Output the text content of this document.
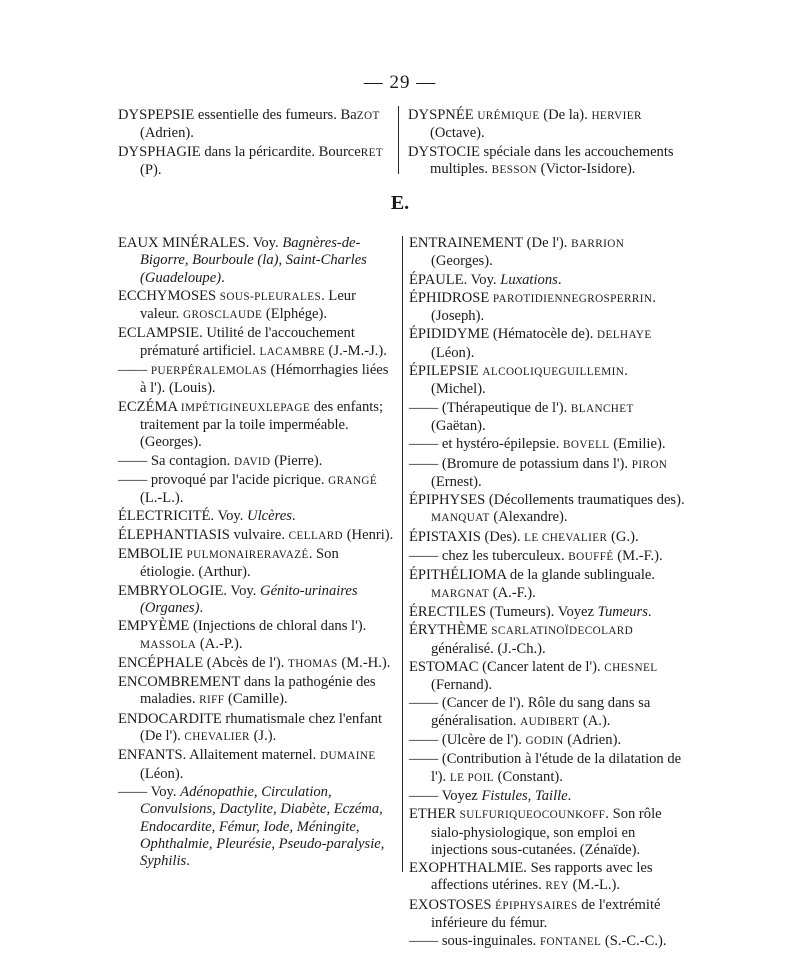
— 29 —
DYSPEPSIE essentielle des fumeurs. BaZOT (Adrien).
DYSPHAGIE dans la péricardite. BourceRET (P).
DYSPNÉE URÉMIQUE (De la). HERVIER (Octave).
DYSTOCIE spéciale dans les accouchements multiples. BESSON (Victor-Isidore).
E.
EAUX MINÉRALES. Voy. Bagnères-de-Bigorre, Bourboule (la), Saint-Charles (Guadeloupe).
ECCHYMOSES SOUS-PLEURALES. Leur valeur. GROSCLAUDE (Elphége).
ECLAMPSIE. Utilité de l'accouchement prématuré artificiel. LACAMBRE (J.-M.-J.).
—— PUERPÉRALEMOLAS (Hémorrhagies liées à l'). (Louis).
ECZÉMA IMPÉTIGINEUXLEPAGE des enfants; traitement par la toile imperméable. (Georges).
—— Sa contagion. DAVID (Pierre).
—— provoqué par l'acide picrique. GRANGÉ (L.-L.).
ÉLECTRICITÉ. Voy. Ulcères.
ÉLEPHANTIASIS vulvaire. CELLARD (Henri).
EMBOLIE PULMONAIRERAVAZÉ. Son étiologie. (Arthur).
EMBRYOLOGIE. Voy. Génito-urinaires (Organes).
EMPYÈME (Injections de chloral dans l'). MASSOLA (A.-P.).
ENCÉPHALE (Abcès de l'). THOMAS (M.-H.).
ENCOMBREMENT dans la pathogénie des maladies. RIFF (Camille).
ENDOCARDITE rhumatismale chez l'enfant (De l'). CHEVALIER (J.).
ENFANTS. Allaitement maternel. DUMAINE (Léon).
—— Voy. Adénopathie, Circulation, Convulsions, Dactylite, Diabète, Eczéma, Endocardite, Fémur, Iode, Méningite, Ophthalmie, Pleurésie, Pseudo-paralysie, Syphilis.
ENTRAINEMENT (De l'). BARRION (Georges).
ÉPAULE. Voy. Luxations.
ÉPHIDROSE PAROTIDIENNEGROSPERRIN. (Joseph).
ÉPIDIDYME (Hématocèle de). DELHAYE (Léon).
ÉPILEPSIE ALCOOLIQUEGUILLEMIN. (Michel).
—— (Thérapeutique de l'). BLANCHET (Gaëtan).
—— et hystéro-épilepsie. BOVELL (Emilie).
—— (Bromure de potassium dans l'). PIRON (Ernest).
ÉPIPHYSES (Décollements traumatiques des). MANQUAT (Alexandre).
ÉPISTAXIS (Des). LE CHEVALIER (G.).
—— chez les tuberculeux. BOUFFÉ (M.-F.).
ÉPITHÉLIOMA de la glande sublinguale. MARGNAT (A.-F.).
ÉRECTILES (Tumeurs). Voyez Tumeurs.
ÉRYTHÈME SCARLATINOÏDECOLARD généralisé. (J.-Ch.).
ESTOMAC (Cancer latent de l'). CHESNEL (Fernand).
—— (Cancer de l'). Rôle du sang dans sa généralisation. AUDIBERT (A.).
—— (Ulcère de l'). GODIN (Adrien).
—— (Contribution à l'étude de la dilatation de l'). LE POIL (Constant).
—— Voyez Fistules, Taille.
ETHER SULFURIQUEOCOUNKOFF. Son rôle sialo-physiologique, son emploi en injections sous-cutanées. (Zénaïde).
EXOPHTHALMIE. Ses rapports avec les affections utérines. REY (M.-L.).
EXOSTOSES ÉPIPHYSAIRES de l'extrémité inférieure du fémur.
—— sous-inguinales. FONTANEL (S.-C.-C.).
